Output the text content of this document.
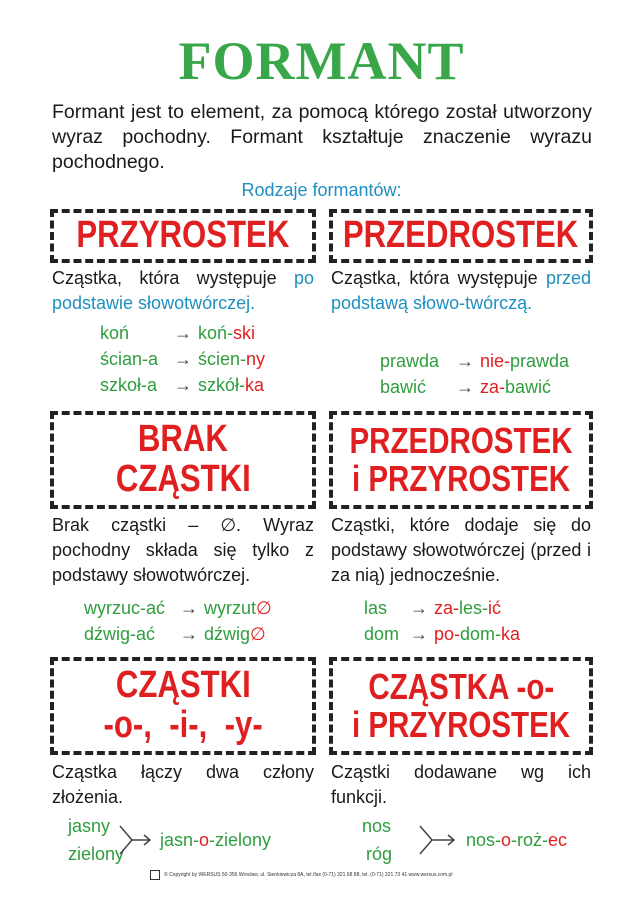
FORMANT
Formant jest to element, za pomocą którego został utworzony wyraz pochodny. Formant kształtuje znaczenie wyrazu pochodnego.
Rodzaje formantów:
PRZYROSTEK
Cząstka, która występuje po podstawie słowotwórczej.
koń → koń-ski
ścian-a → ścien-ny
szkoł-a → szkół-ka
PRZEDROSTEK
Cząstka, która występuje przed podstawą słowo-twórczą.
prawda → nie-prawda
bawić → za-bawić
BRAK
CZĄSTKI
Brak cząstki – ∅. Wyraz pochodny składa się tylko z podstawy słowotwórczej.
wyrzuc-ać → wyrzut∅
dźwig-ać → dźwig∅
PRZEDROSTEK
i PRZYROSTEK
Cząstki, które dodaje się do podstawy słowotwórczej (przed i za nią) jednocześnie.
las → za-les-ić
dom → po-dom-ka
CZĄSTKI
-o-,  -i-,  -y-
Cząstka łączy dwa człony złożenia.
jasny
zielony
jasn-o-zielony
CZĄSTKA -o-
i PRZYROSTEK
Cząstki dodawane wg ich funkcji.
nos
róg
nos-o-roż-ec
© Copyright by WERSUS 50-356 Wrocław, ul. Sienkiewicza 8A, tel./fax (0-71) 321 68 88, tel. (0-71) 321 73 41 www.wersus.com.pl
